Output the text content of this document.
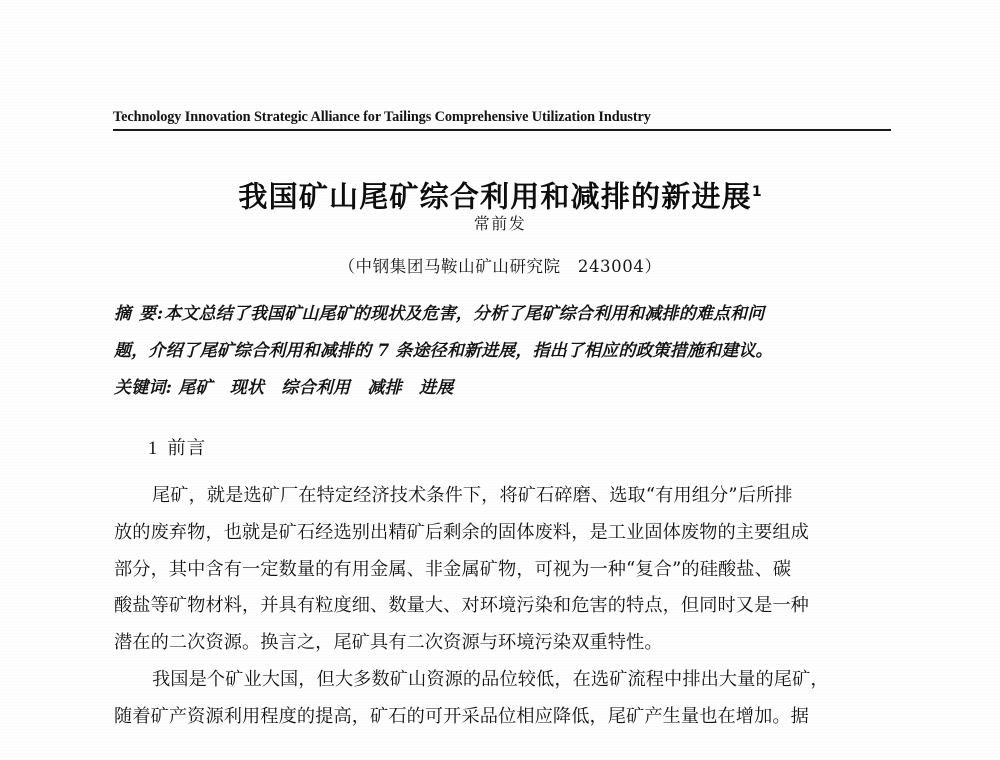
Technology Innovation Strategic Alliance for Tailings Comprehensive Utilization Industry
我国矿山尾矿综合利用和减排的新进展$^1$
常前发
（中钢集团马鞍山矿山研究院　243004）
摘 要:本文总结了我国矿山尾矿的现状及危害，分析了尾矿综合利用和减排的难点和问
题，介绍了尾矿综合利用和减排的 7 条途径和新进展，指出了相应的政策措施和建议。
关键词: 尾矿　现状　综合利用　减排　进展
1 前言
尾矿，就是选矿厂在特定经济技术条件下，将矿石碎磨、选取“有用组分”后所排
放的废弃物，也就是矿石经选别出精矿后剩余的固体废料，是工业固体废物的主要组成
部分，其中含有一定数量的有用金属、非金属矿物，可视为一种“复合”的硅酸盐、碳
酸盐等矿物材料，并具有粒度细、数量大、对环境污染和危害的特点，但同时又是一种
潜在的二次资源。换言之，尾矿具有二次资源与环境污染双重特性。
我国是个矿业大国，但大多数矿山资源的品位较低，在选矿流程中排出大量的尾矿，
随着矿产资源利用程度的提高，矿石的可开采品位相应降低，尾矿产生量也在增加。据
